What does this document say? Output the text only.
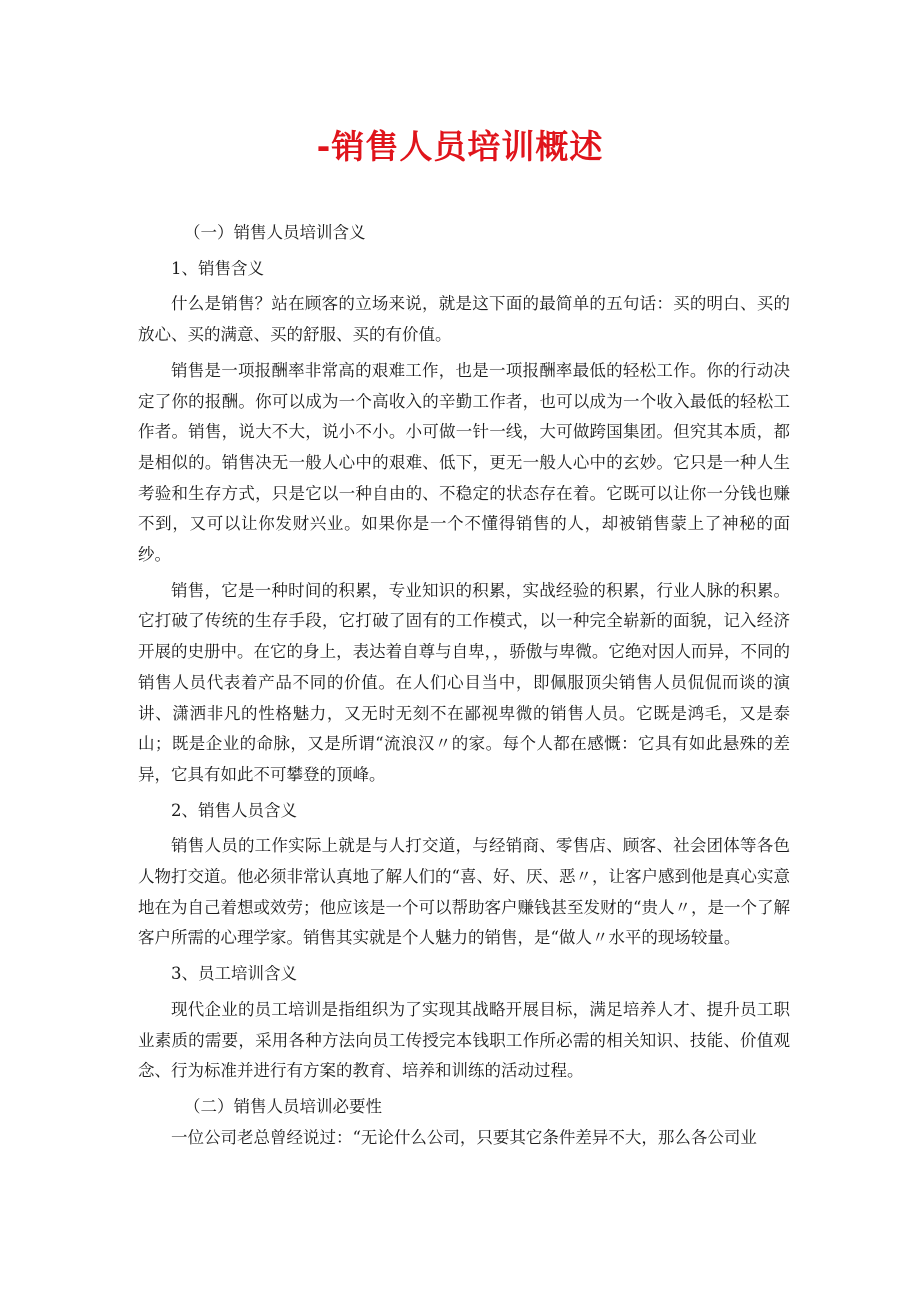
-销售人员培训概述

（一）销售人员培训含义

1、销售含义

什么是销售？站在顾客的立场来说，就是这下面的最简单的五句话：买的明白、买的放心、买的满意、买的舒服、买的有价值。

销售是一项报酬率非常高的艰难工作，也是一项报酬率最低的轻松工作。你的行动决定了你的报酬。你可以成为一个高收入的辛勤工作者，也可以成为一个收入最低的轻松工作者。销售，说大不大，说小不小。小可做一针一线，大可做跨国集团。但究其本质，都是相似的。销售决无一般人心中的艰难、低下，更无一般人心中的玄妙。它只是一种人生考验和生存方式，只是它以一种自由的、不稳定的状态存在着。它既可以让你一分钱也赚不到，又可以让你发财兴业。如果你是一个不懂得销售的人，却被销售蒙上了神秘的面纱。

销售，它是一种时间的积累，专业知识的积累，实战经验的积累，行业人脉的积累。它打破了传统的生存手段，它打破了固有的工作模式，以一种完全崭新的面貌，记入经济开展的史册中。在它的身上，表达着自尊与自卑，，骄傲与卑微。它绝对因人而异，不同的销售人员代表着产品不同的价值。在人们心目当中，即佩服顶尖销售人员侃侃而谈的演讲、潇洒非凡的性格魅力，又无时无刻不在鄙视卑微的销售人员。它既是鸿毛，又是泰山；既是企业的命脉，又是所谓“流浪汉〃的家。每个人都在感慨：它具有如此悬殊的差异，它具有如此不可攀登的顶峰。

2、销售人员含义

销售人员的工作实际上就是与人打交道，与经销商、零售店、顾客、社会团体等各色人物打交道。他必须非常认真地了解人们的“喜、好、厌、恶〃，让客户感到他是真心实意地在为自己着想或效劳；他应该是一个可以帮助客户赚钱甚至发财的“贵人〃，是一个了解客户所需的心理学家。销售其实就是个人魅力的销售，是“做人〃水平的现场较量。

3、员工培训含义

现代企业的员工培训是指组织为了实现其战略开展目标，满足培养人才、提升员工职业素质的需要，采用各种方法向员工传授完本钱职工作所必需的相关知识、技能、价值观念、行为标准并进行有方案的教育、培养和训练的活动过程。

（二）销售人员培训必要性

一位公司老总曾经说过：“无论什么公司，只要其它条件差异不大，那么各公司业
